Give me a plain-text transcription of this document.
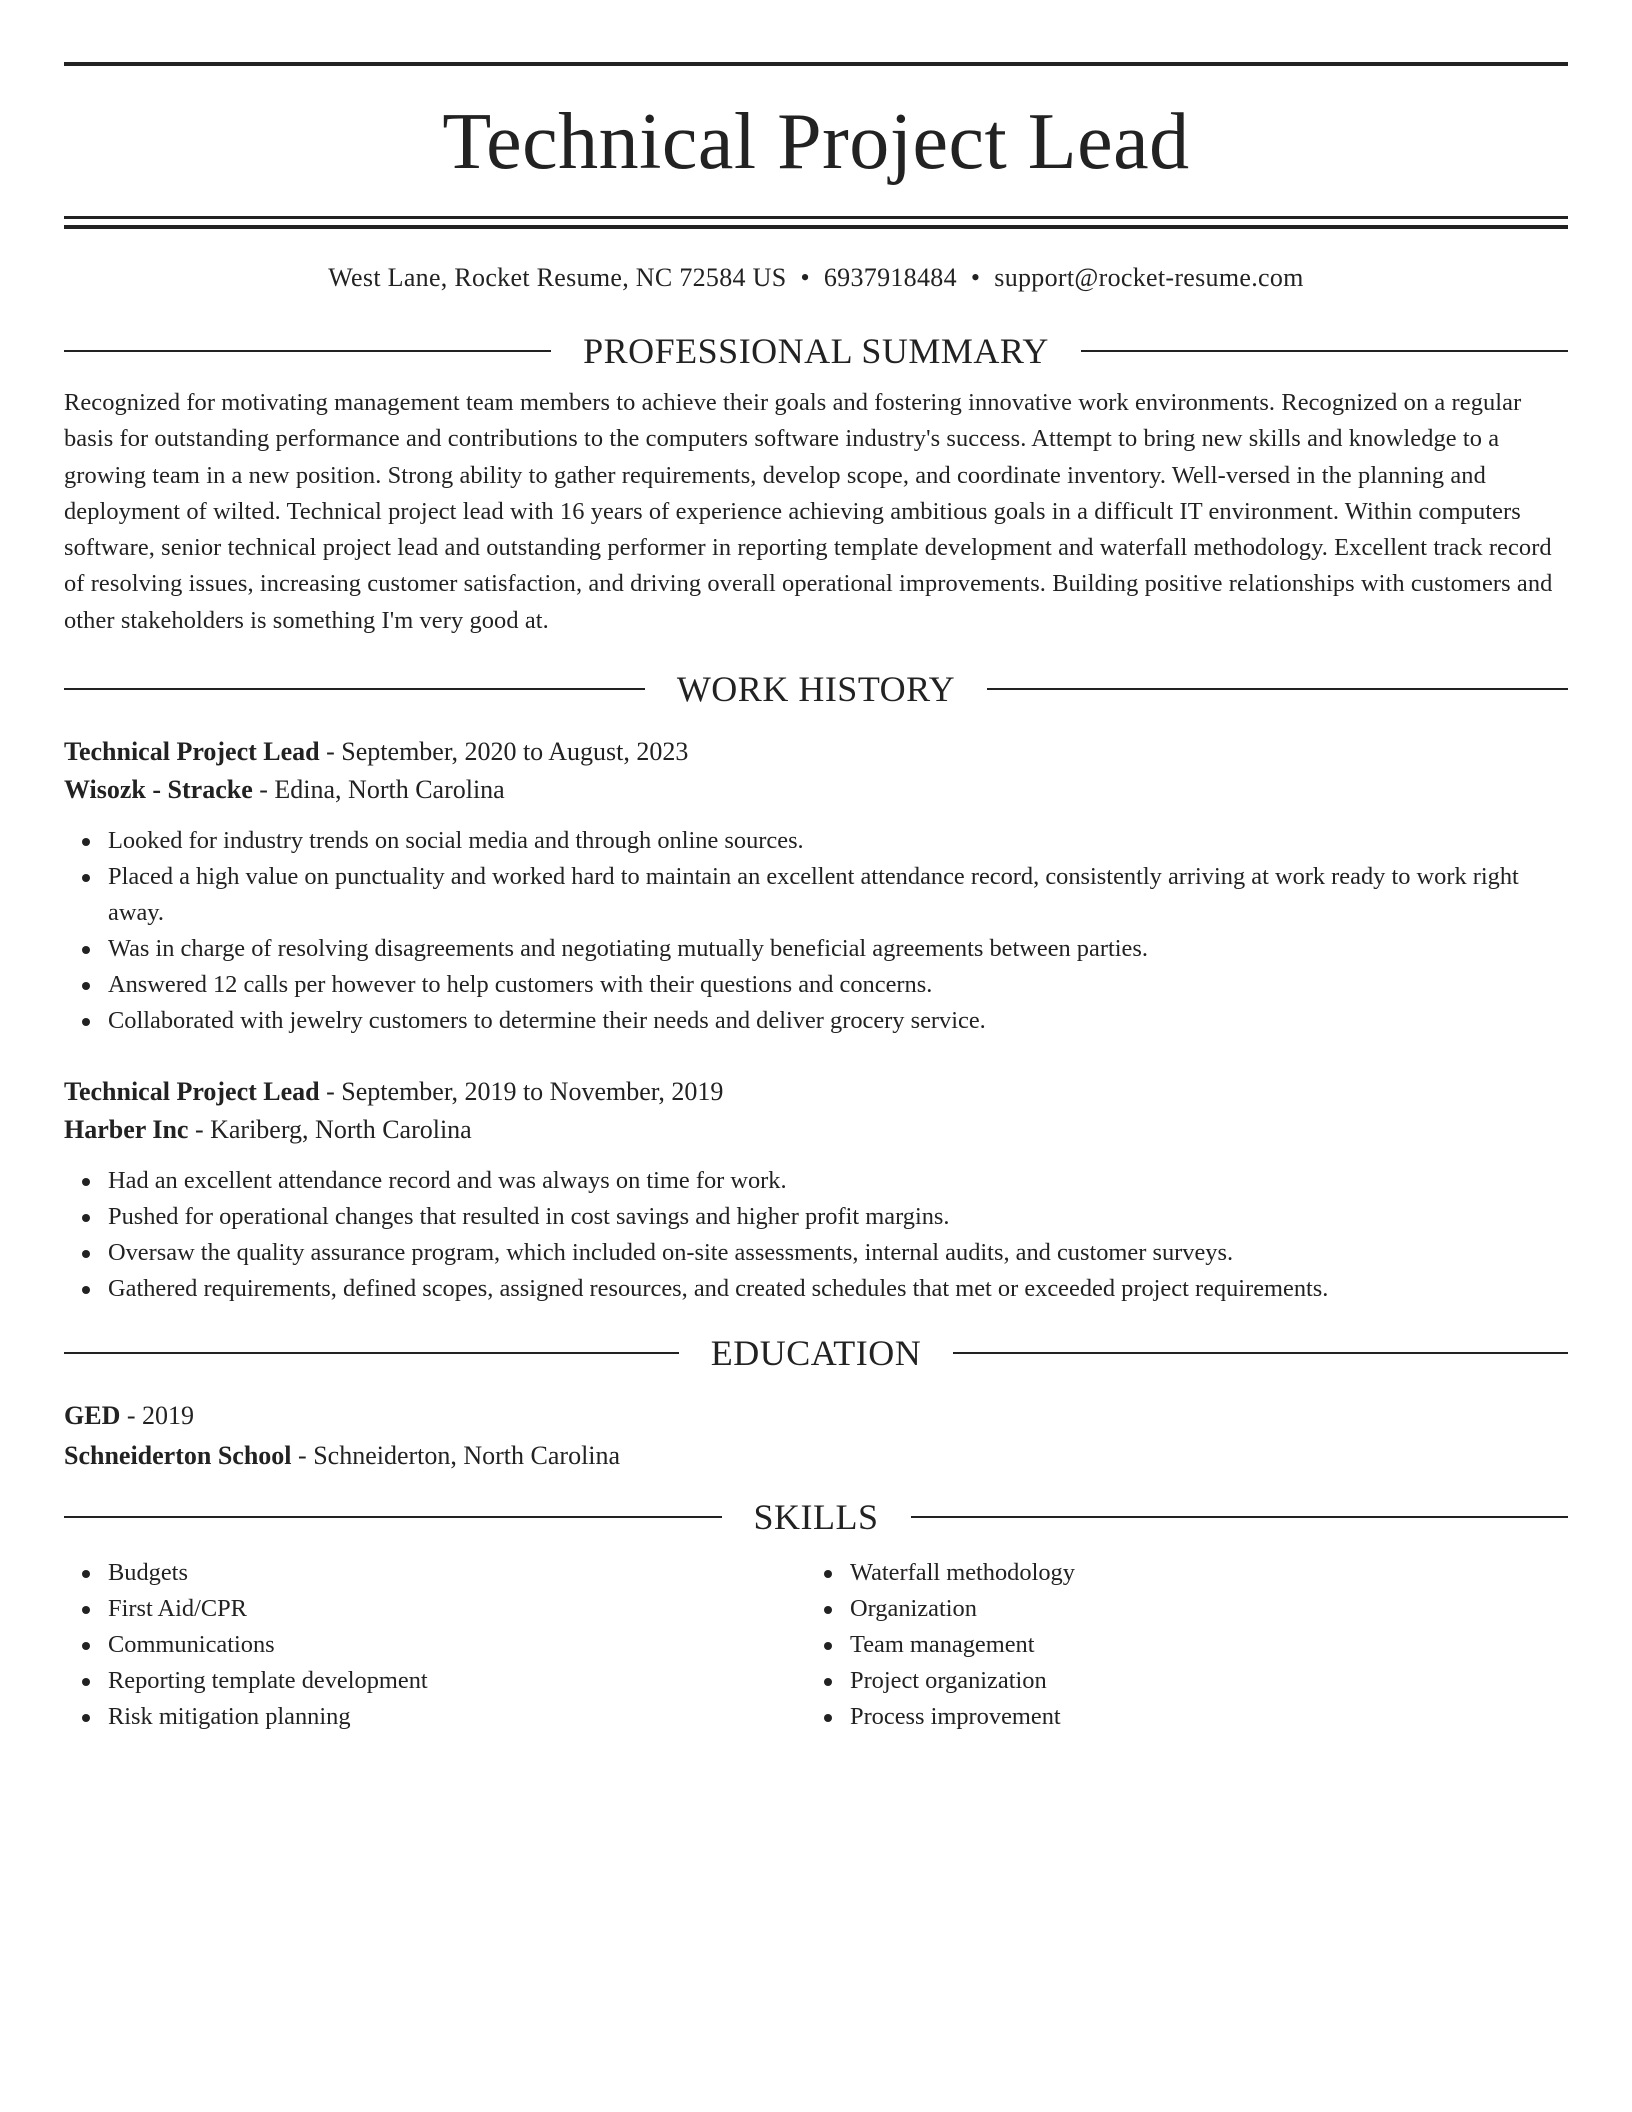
Technical Project Lead
West Lane, Rocket Resume, NC 72584 US • 6937918484 • support@rocket-resume.com
PROFESSIONAL SUMMARY

Recognized for motivating management team members to achieve their goals and fostering innovative work environments. Recognized on a regular basis for outstanding performance and contributions to the computers software industry's success. Attempt to bring new skills and knowledge to a growing team in a new position. Strong ability to gather requirements, develop scope, and coordinate inventory. Well-versed in the planning and deployment of wilted. Technical project lead with 16 years of experience achieving ambitious goals in a difficult IT environment. Within computers software, senior technical project lead and outstanding performer in reporting template development and waterfall methodology. Excellent track record of resolving issues, increasing customer satisfaction, and driving overall operational improvements. Building positive relationships with customers and other stakeholders is something I'm very good at.

WORK HISTORY
Technical Project Lead - September, 2020 to August, 2023
Wisozk - Stracke - Edina, North Carolina
Looked for industry trends on social media and through online sources.
Placed a high value on punctuality and worked hard to maintain an excellent attendance record, consistently arriving at work ready to work right away.
Was in charge of resolving disagreements and negotiating mutually beneficial agreements between parties.
Answered 12 calls per however to help customers with their questions and concerns.
Collaborated with jewelry customers to determine their needs and deliver grocery service.
Technical Project Lead - September, 2019 to November, 2019
Harber Inc - Kariberg, North Carolina
Had an excellent attendance record and was always on time for work.
Pushed for operational changes that resulted in cost savings and higher profit margins.
Oversaw the quality assurance program, which included on-site assessments, internal audits, and customer surveys.
Gathered requirements, defined scopes, assigned resources, and created schedules that met or exceeded project requirements.
EDUCATION
GED - 2019
Schneiderton School - Schneiderton, North Carolina
SKILLS
Budgets
First Aid/CPR
Communications
Reporting template development
Risk mitigation planning
Waterfall methodology
Organization
Team management
Project organization
Process improvement
